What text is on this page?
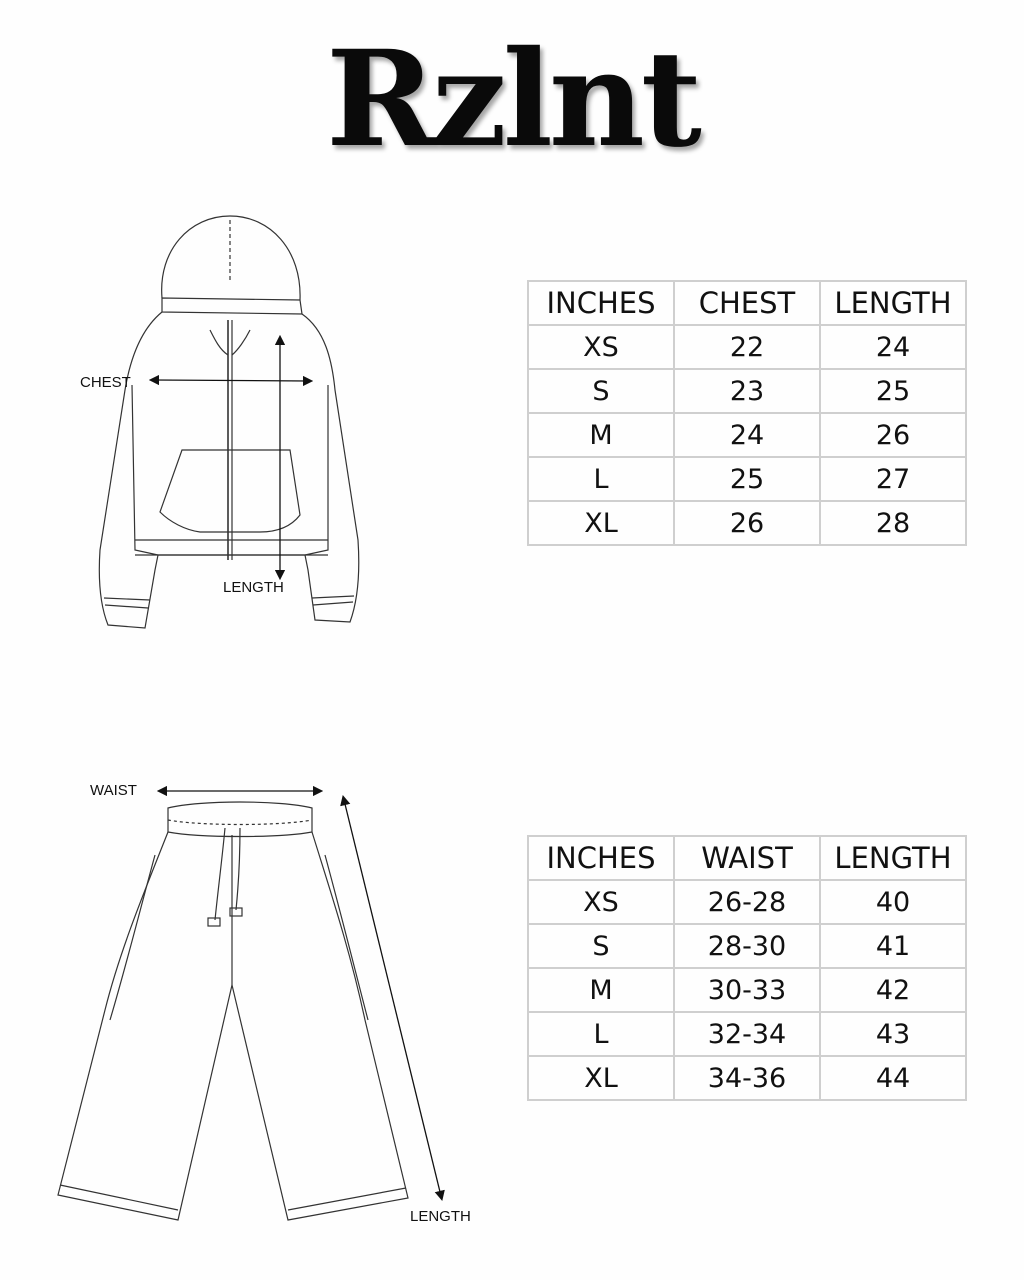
Rzlnt
CHEST
LENGTH
INCHES	CHEST	LENGTH
XS	22	24
S	23	25
M	24	26
L	25	27
XL	26	28
WAIST
LENGTH
INCHES	WAIST	LENGTH
XS	26-28	40
S	28-30	41
M	30-33	42
L	32-34	43
XL	34-36	44
